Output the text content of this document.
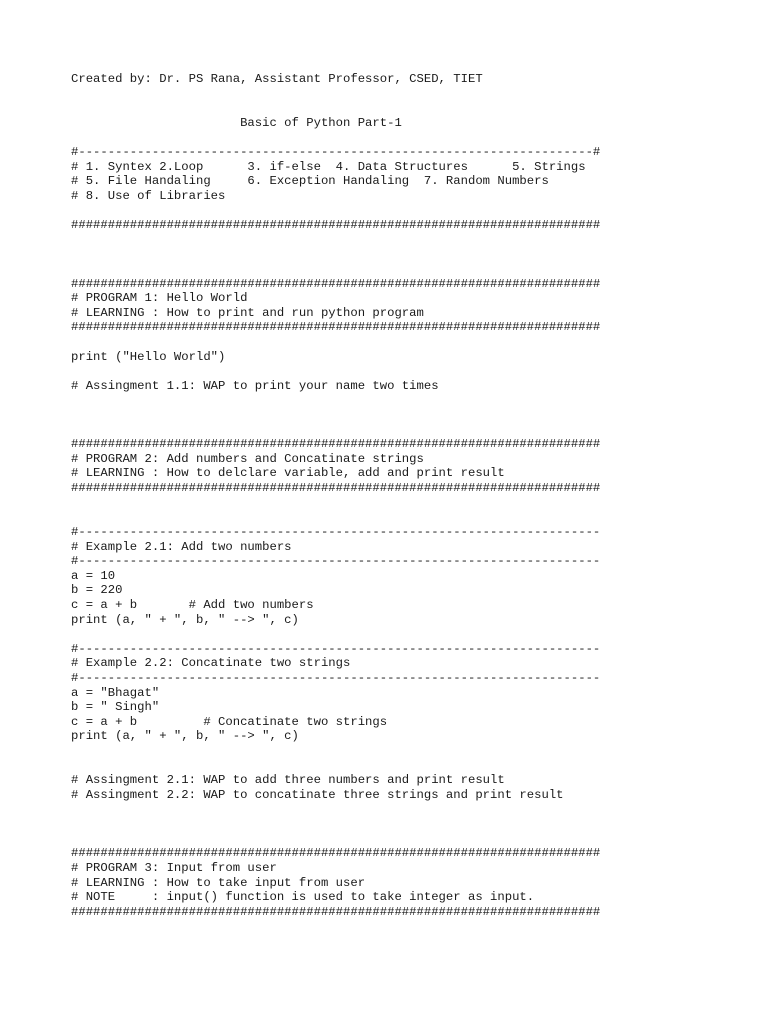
Created by: Dr. PS Rana, Assistant Professor, CSED, TIET
Basic of Python Part-1
#----------------------------------------------------------------------#
# 1. Syntex 2.Loop      3. if-else  4. Data Structures      5. Strings
# 5. File Handaling     6. Exception Handaling  7. Random Numbers
# 8. Use of Libraries
########################################################################
########################################################################
# PROGRAM 1: Hello World
# LEARNING : How to print and run python program
########################################################################
print ("Hello World")
# Assingment 1.1: WAP to print your name two times
########################################################################
# PROGRAM 2: Add numbers and Concatinate strings
# LEARNING : How to delclare variable, add and print result
########################################################################
#-----------------------------------------------------------------------
# Example 2.1: Add two numbers
#-----------------------------------------------------------------------
a = 10
b = 220
c = a + b       # Add two numbers
print (a, " + ", b, " --> ", c)
#-----------------------------------------------------------------------
# Example 2.2: Concatinate two strings
#-----------------------------------------------------------------------
a = "Bhagat"
b = " Singh"
c = a + b         # Concatinate two strings
print (a, " + ", b, " --> ", c)
# Assingment 2.1: WAP to add three numbers and print result
# Assingment 2.2: WAP to concatinate three strings and print result
########################################################################
# PROGRAM 3: Input from user
# LEARNING : How to take input from user
# NOTE     : input() function is used to take integer as input.
########################################################################
